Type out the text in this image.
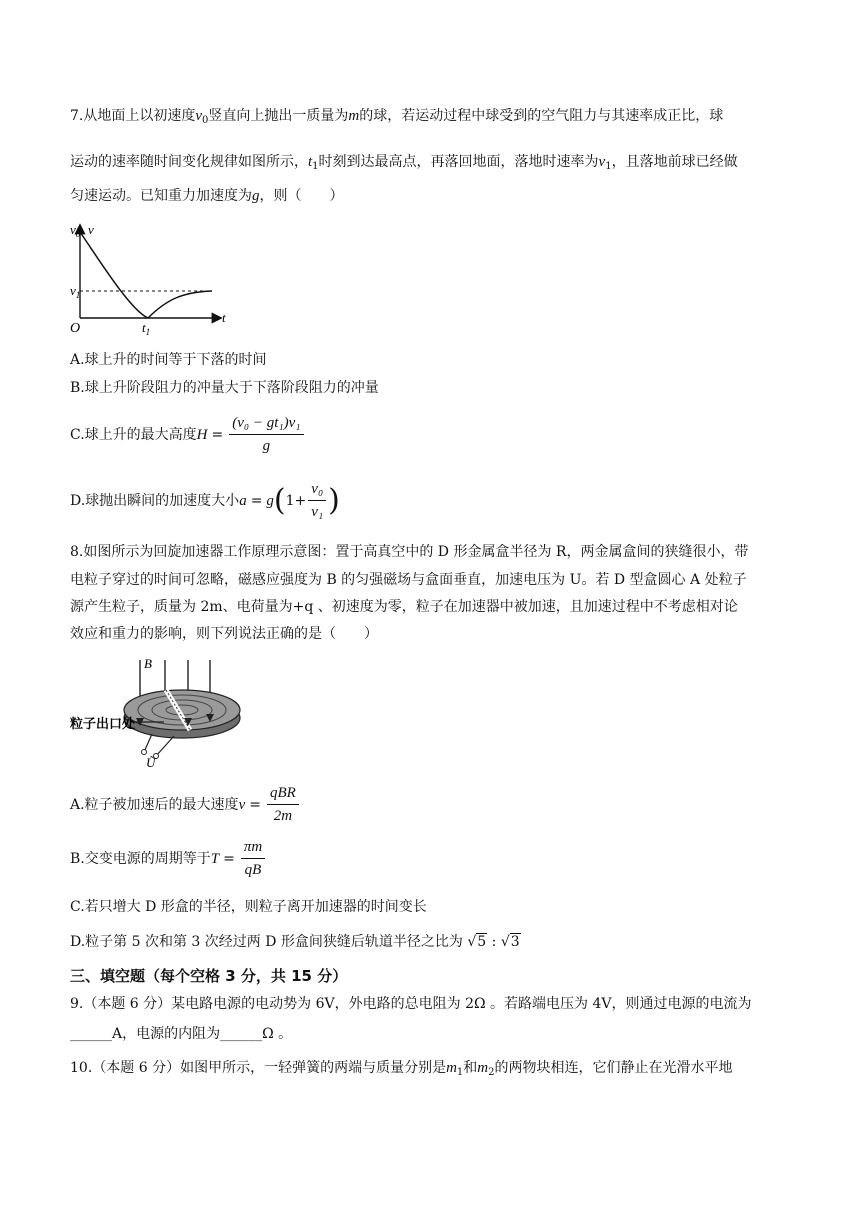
7.从地面上以初速度$v_0$竖直向上抛出一质量为m的球，若运动过程中球受到的空气阻力与其速率成正比，球
运动的速率随时间变化规律如图所示，$t_1$时刻到达最高点，再落回地面，落地时速率为$v_1$，且落地前球已经做
匀速运动。已知重力加速度为g，则（　　）
$v_0$ v
$v_1$
O	$t_1$
t
A.球上升的时间等于下落的时间
B.球上升阶段阻力的冲量大于下落阶段阻力的冲量
C.球上升的最大高度 $H = \frac{\text{(v₀ − gt₁)v₁}}{g}$
D.球抛出瞬间的加速度大小 a = g ( $1+ \frac{\text{v₀}}{\text{v₁}}$ )
8.如图所示为回旋加速器工作原理示意图：置于高真空中的 D 形金属盒半径为 R，两金属盒间的狭缝很小，带
电粒子穿过的时间可忽略，磁感应强度为 B 的匀强磁场与盒面垂直，加速电压为 U。若 D 型盒圆心 A 处粒子
源产生粒子，质量为 2m、电荷量为+q 、初速度为零，粒子在加速器中被加速，且加速过程中不考虑相对论
效应和重力的影响，则下列说法正确的是（　　）
B
粒子出口处
Ũ
A.粒子被加速后的最大速度 $v = \frac{\text{qBR}}{2m}$
B.交变电源的周期等于 $T = \frac{\pi m}{qB}$
C.若只增大 D 形盒的半径，则粒子离开加速器的时间变长
D.粒子第 5 次和第 3 次经过两 D 形盒间狭缝后轨道半径之比为 √5 : √3
三、填空题（每个空格 3 分，共 15 分）
9.（本题 6 分）某电路电源的电动势为 6V，外电路的总电阻为 2Ω 。若路端电压为 4V，则通过电源的电流为
______A，电源的内阻为______Ω 。
10.（本题 6 分）如图甲所示，一轻弹簧的两端与质量分别是$m_1$和$m_2$的两物块相连，它们静止在光滑水平地
